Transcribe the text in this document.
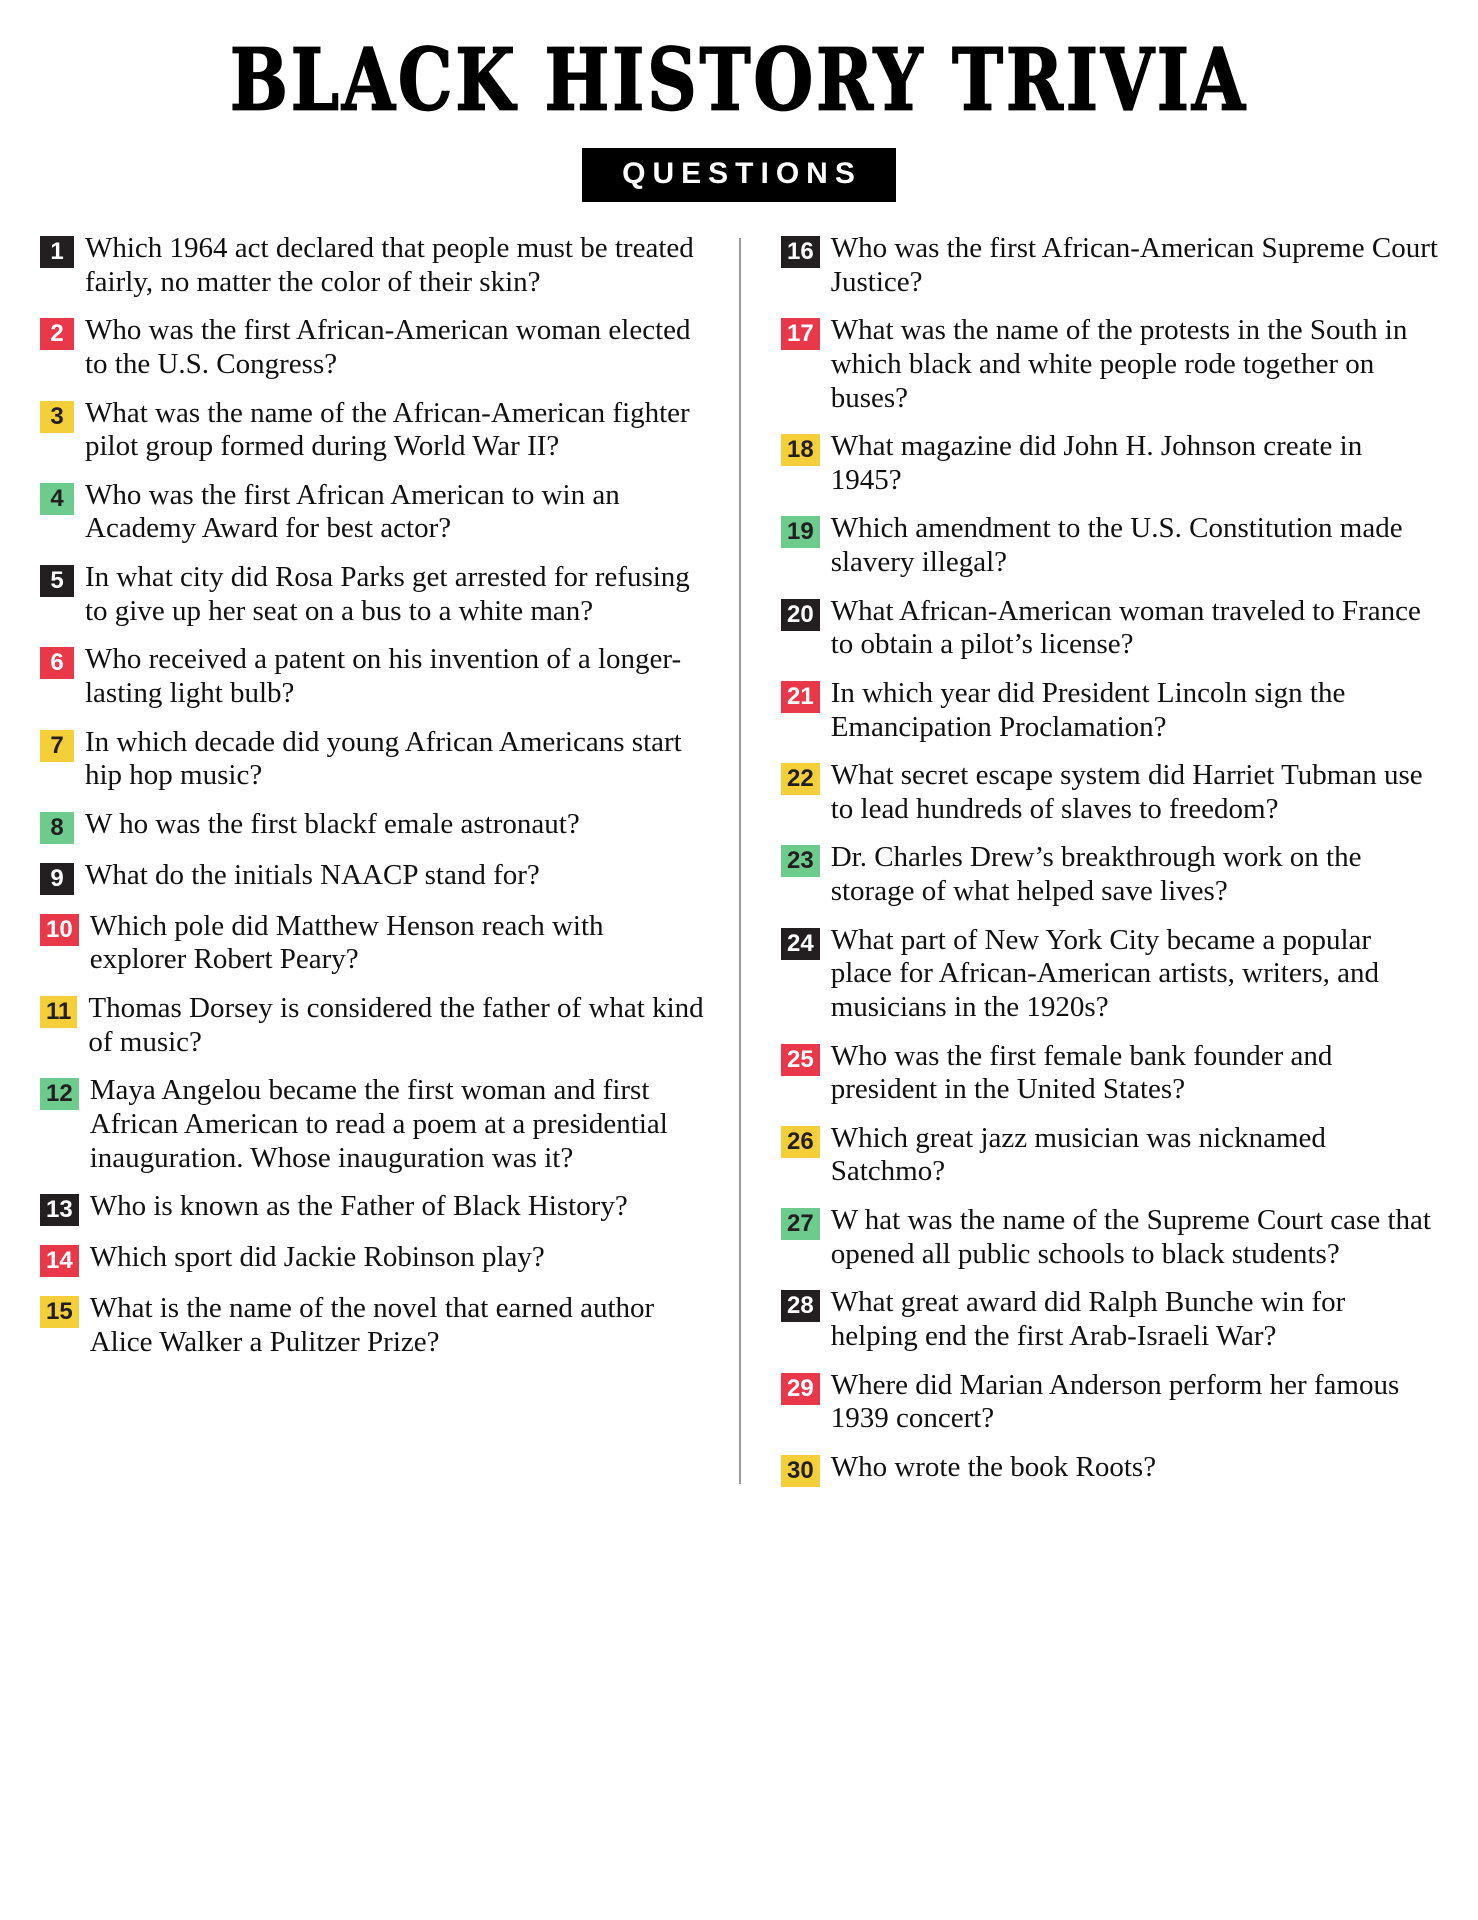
BLACK HISTORY TRIVIA
QUESTIONS
1 Which 1964 act declared that people must be treated fairly, no matter the color of their skin?
2 Who was the first African-American woman elected to the U.S. Congress?
3 What was the name of the African-American fighter pilot group formed during World War II?
4 Who was the first African American to win an Academy Award for best actor?
5 In what city did Rosa Parks get arrested for refusing to give up her seat on a bus to a white man?
6 Who received a patent on his invention of a longer-lasting light bulb?
7 In which decade did young African Americans start hip hop music?
8 W ho was the first blackf emale astronaut?
9 What do the initials NAACP stand for?
10 Which pole did Matthew Henson reach with explorer Robert Peary?
11 Thomas Dorsey is considered the father of what kind of music?
12 Maya Angelou became the first woman and first African American to read a poem at a presidential inauguration. Whose inauguration was it?
13 Who is known as the Father of Black History?
14 Which sport did Jackie Robinson play?
15 What is the name of the novel that earned author Alice Walker a Pulitzer Prize?
16 Who was the first African-American Supreme Court Justice?
17 What was the name of the protests in the South in which black and white people rode together on buses?
18 What magazine did John H. Johnson create in 1945?
19 Which amendment to the U.S. Constitution made slavery illegal?
20 What African-American woman traveled to France to obtain a pilot’s license?
21 In which year did President Lincoln sign the Emancipation Proclamation?
22 What secret escape system did Harriet Tubman use to lead hundreds of slaves to freedom?
23 Dr. Charles Drew’s breakthrough work on the storage of what helped save lives?
24 What part of New York City became a popular place for African-American artists, writers, and musicians in the 1920s?
25 Who was the first female bank founder and president in the United States?
26 Which great jazz musician was nicknamed Satchmo?
27 W hat was the name of the Supreme Court case that opened all public schools to black students?
28 What great award did Ralph Bunche win for helping end the first Arab-Israeli War?
29 Where did Marian Anderson perform her famous 1939 concert?
30 Who wrote the book Roots?
